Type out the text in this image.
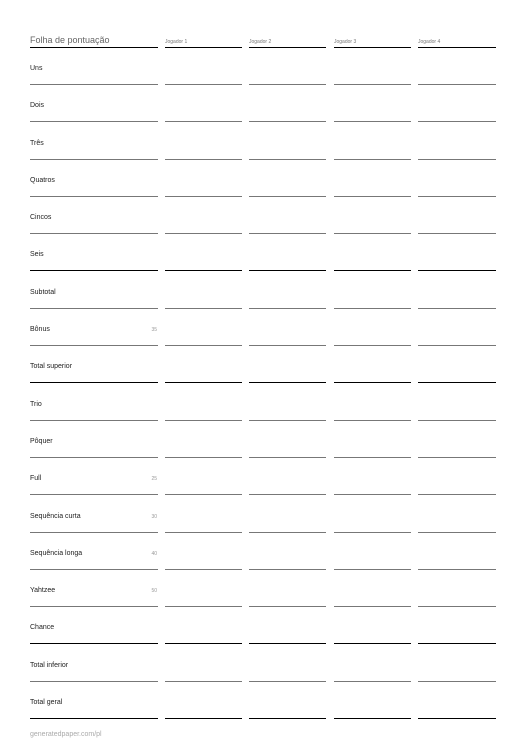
Folha de pontuação	Jogador 1	Jogador 2	Jogador 3	Jogador 4
Uns
Dois
Três
Quatros
Cincos
Seis
Subtotal
Bônus	35
Total superior
Trio
Pôquer
Full	25
Sequência curta	30
Sequência longa	40
Yahtzee	50
Chance
Total inferior
Total geral
generatedpaper.com/pl
